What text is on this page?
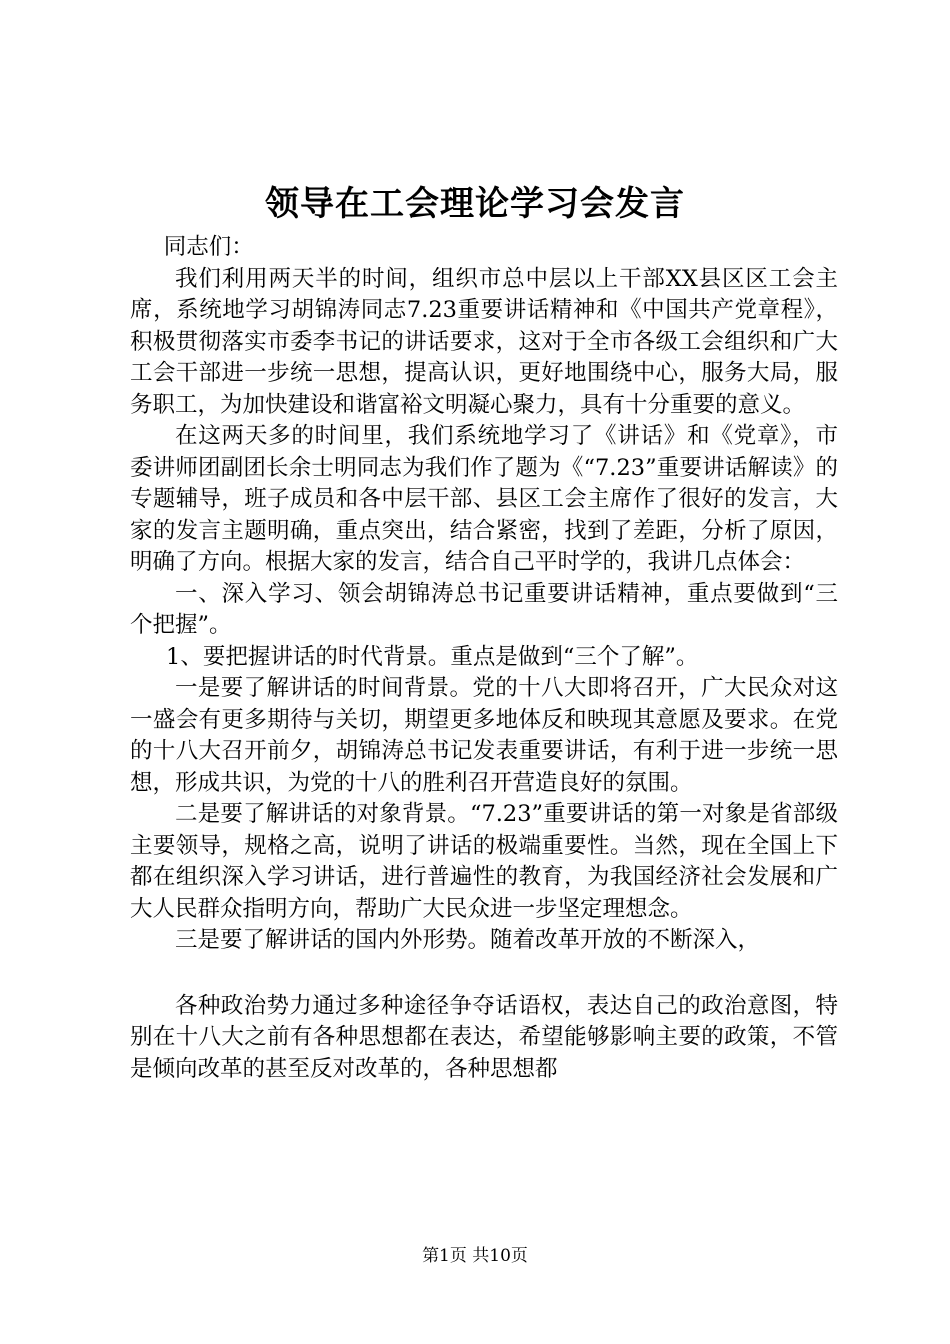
领导在工会理论学习会发言

同志们：

我们利用两天半的时间，组织市总中层以上干部XX县区区工会主席，系统地学习胡锦涛同志7.23重要讲话精神和《中国共产党章程》，积极贯彻落实市委李书记的讲话要求，这对于全市各级工会组织和广大工会干部进一步统一思想，提高认识，更好地围绕中心，服务大局，服务职工，为加快建设和谐富裕文明凝心聚力，具有十分重要的意义。

在这两天多的时间里，我们系统地学习了《讲话》和《党章》，市委讲师团副团长余士明同志为我们作了题为《“7.23”重要讲话解读》的专题辅导，班子成员和各中层干部、县区工会主席作了很好的发言，大家的发言主题明确，重点突出，结合紧密，找到了差距，分析了原因，明确了方向。根据大家的发言，结合自己平时学的，我讲几点体会：

一、深入学习、领会胡锦涛总书记重要讲话精神，重点要做到“三个把握”。

1、要把握讲话的时代背景。重点是做到“三个了解”。

一是要了解讲话的时间背景。党的十八大即将召开，广大民众对这一盛会有更多期待与关切，期望更多地体反和映现其意愿及要求。在党的十八大召开前夕，胡锦涛总书记发表重要讲话，有利于进一步统一思想，形成共识，为党的十八的胜利召开营造良好的氛围。

二是要了解讲话的对象背景。“7.23”重要讲话的第一对象是省部级主要领导，规格之高，说明了讲话的极端重要性。当然，现在全国上下都在组织深入学习讲话，进行普遍性的教育，为我国经济社会发展和广大人民群众指明方向，帮助广大民众进一步坚定理想念。

三是要了解讲话的国内外形势。随着改革开放的不断深入，

各种政治势力通过多种途径争夺话语权，表达自己的政治意图，特别在十八大之前有各种思想都在表达，希望能够影响主要的政策，不管是倾向改革的甚至反对改革的，各种思想都

第1页 共10页
